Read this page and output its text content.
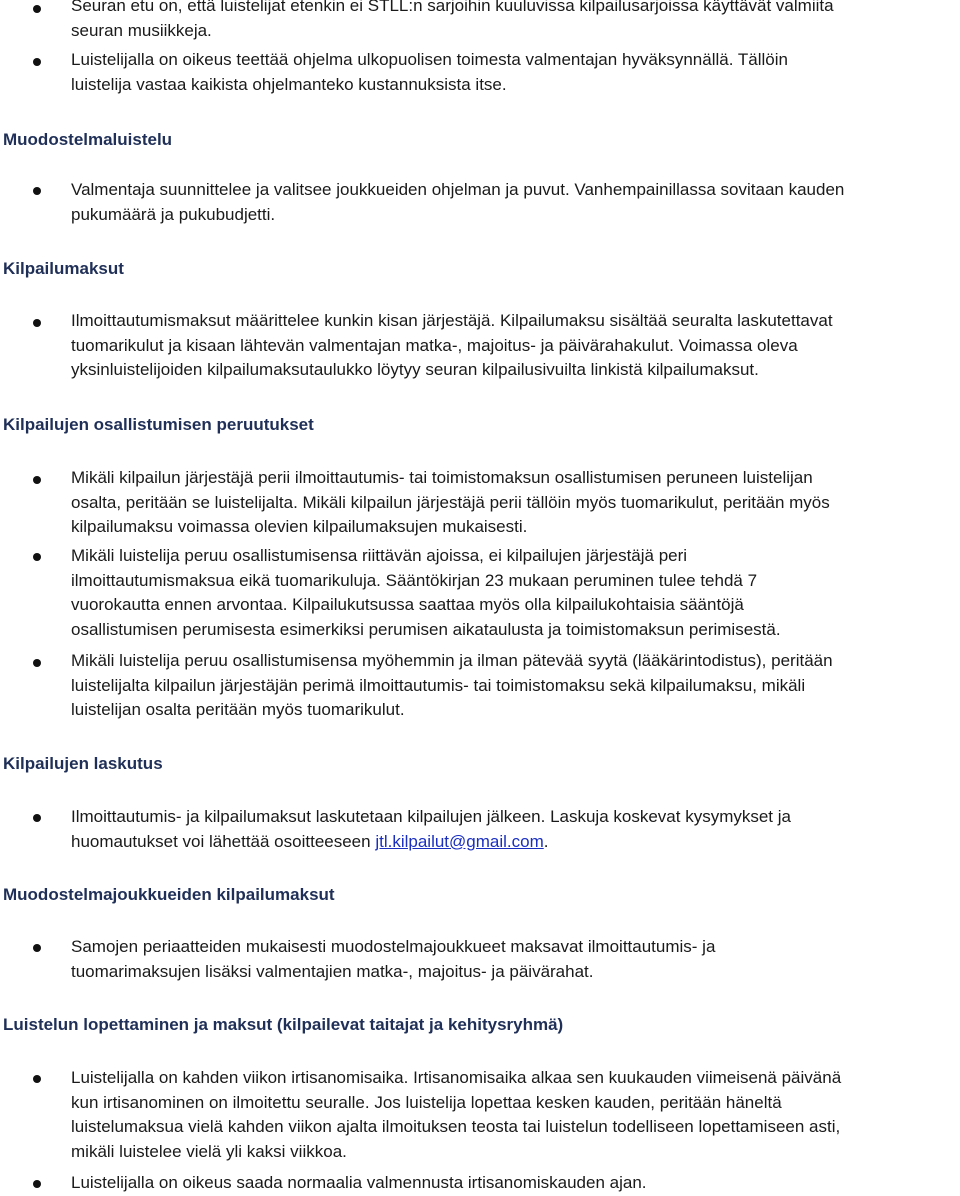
Seuran etu on, että luistelijat etenkin ei STLL:n sarjoihin kuuluvissa kilpailusarjoissa käyttävät valmiita
seuran musiikkeja.
Luistelijalla on oikeus teettää ohjelma ulkopuolisen toimesta valmentajan hyväksynnällä. Tällöin
luistelija vastaa kaikista ohjelmanteko kustannuksista itse.
Muodostelmaluistelu
Valmentaja suunnittelee ja valitsee joukkueiden ohjelman ja puvut. Vanhempainillassa sovitaan kauden
pukumäärä ja pukubudjetti.
Kilpailumaksut
Ilmoittautumismaksut määrittelee kunkin kisan järjestäjä. Kilpailumaksu sisältää seuralta laskutettavat
tuomarikulut ja kisaan lähtevän valmentajan matka-, majoitus- ja päivärahakulut. Voimassa oleva
yksinluistelijoiden kilpailumaksutaulukko löytyy seuran kilpailusivuilta linkistä kilpailumaksut.
Kilpailujen osallistumisen peruutukset
Mikäli kilpailun järjestäjä perii ilmoittautumis- tai toimistomaksun osallistumisen peruneen luistelijan
osalta, peritään se luistelijalta. Mikäli kilpailun järjestäjä perii tällöin myös tuomarikulut, peritään myös
kilpailumaksu voimassa olevien kilpailumaksujen mukaisesti.
Mikäli luistelija peruu osallistumisensa riittävän ajoissa, ei kilpailujen järjestäjä peri
ilmoittautumismaksua eikä tuomarikuluja. Sääntökirjan 23 mukaan peruminen tulee tehdä 7
vuorokautta ennen arvontaa. Kilpailukutsussa saattaa myös olla kilpailukohtaisia sääntöjä
osallistumisen perumisesta esimerkiksi perumisen aikataulusta ja toimistomaksun perimisestä.
Mikäli luistelija peruu osallistumisensa myöhemmin ja ilman pätevää syytä (lääkärintodistus), peritään
luistelijalta kilpailun järjestäjän perimä ilmoittautumis- tai toimistomaksu sekä kilpailumaksu, mikäli
luistelijan osalta peritään myös tuomarikulut.
Kilpailujen laskutus
Ilmoittautumis- ja kilpailumaksut laskutetaan kilpailujen jälkeen. Laskuja koskevat kysymykset ja
huomautukset voi lähettää osoitteeseen jtl.kilpailut@gmail.com.
Muodostelmajoukkueiden kilpailumaksut
Samojen periaatteiden mukaisesti muodostelmajoukkueet maksavat ilmoittautumis- ja
tuomarimaksujen lisäksi valmentajien matka-, majoitus- ja päivärahat.
Luistelun lopettaminen ja maksut (kilpailevat taitajat ja kehitysryhmä)
Luistelijalla on kahden viikon irtisanomisaika. Irtisanomisaika alkaa sen kuukauden viimeisenä päivänä
kun irtisanominen on ilmoitettu seuralle. Jos luistelija lopettaa kesken kauden, peritään häneltä
luistelumaksua vielä kahden viikon ajalta ilmoituksen teosta tai luistelun todelliseen lopettamiseen asti,
mikäli luistelee vielä yli kaksi viikkoa.
Luistelijalla on oikeus saada normaalia valmennusta irtisanomiskauden ajan.
